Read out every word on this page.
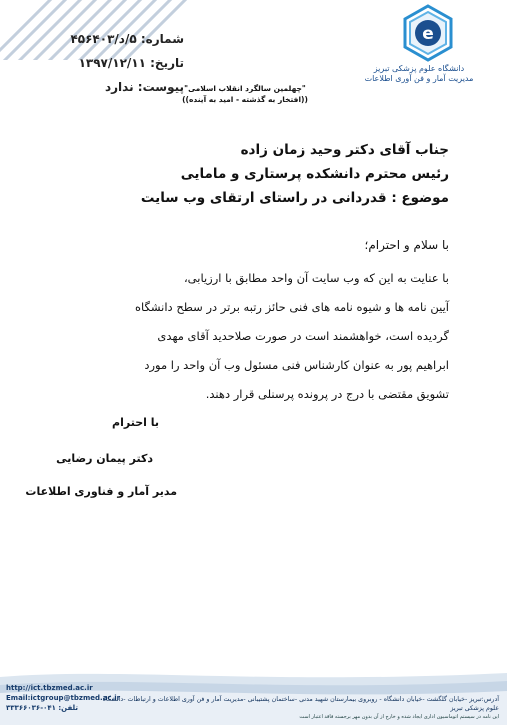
e
دانشگاه علوم پزشکی تبریز
مدیریت آمار و فن آوری اطلاعات
شماره: ۵/د/۴۵۶۴۰۳
تاریخ: ۱۳۹۷/۱۲/۱۱
پیوست: ندارد "چهلمین سالگرد انقلاب اسلامی"
((افتخار به گذشته - امید به آینده))
جناب آقای دکتر وحید زمان زاده
رئیس محترم دانشکده پرستاری و مامایی
موضوع : قدردانی در راستای ارتقای وب سایت
با سلام و احترام؛
با عنایت به این که وب سایت آن واحد مطابق با ارزیابی،
آیین نامه ها و شیوه نامه های فنی حائز رتبه برتر در سطح دانشگاه
گردیده است، خواهشمند است در صورت صلاحدید آقای مهدی
ابراهیم پور به عنوان کارشناس فنی مسئول وب آن واحد را مورد
تشویق مقتضی با درج در پرونده پرسنلی قرار دهند.
با احترام
دکتر پیمان رضایی
مدیر آمار و فناوری اطلاعات
http://ict.tbzmed.ac.ir
Email:ictgroup@tbzmed.ac.ir
تلفن: ۰۴۱-۳۳۳۶۶۰۳۶
آدرس:تبریز -خیابان گلگشت -خیابان دانشگاه - روبروی بیمارستان شهید مدنی -ساختمان پشتیبانی -مدیریت آمار و فن آوری اطلاعات و ارتباطات -دانشگاه علوم پزشکی تبریز
این نامه در سیستم اتوماسیون اداری ایجاد شده و خارج از آن بدون مهر برجسته فاقد اعتبار است
